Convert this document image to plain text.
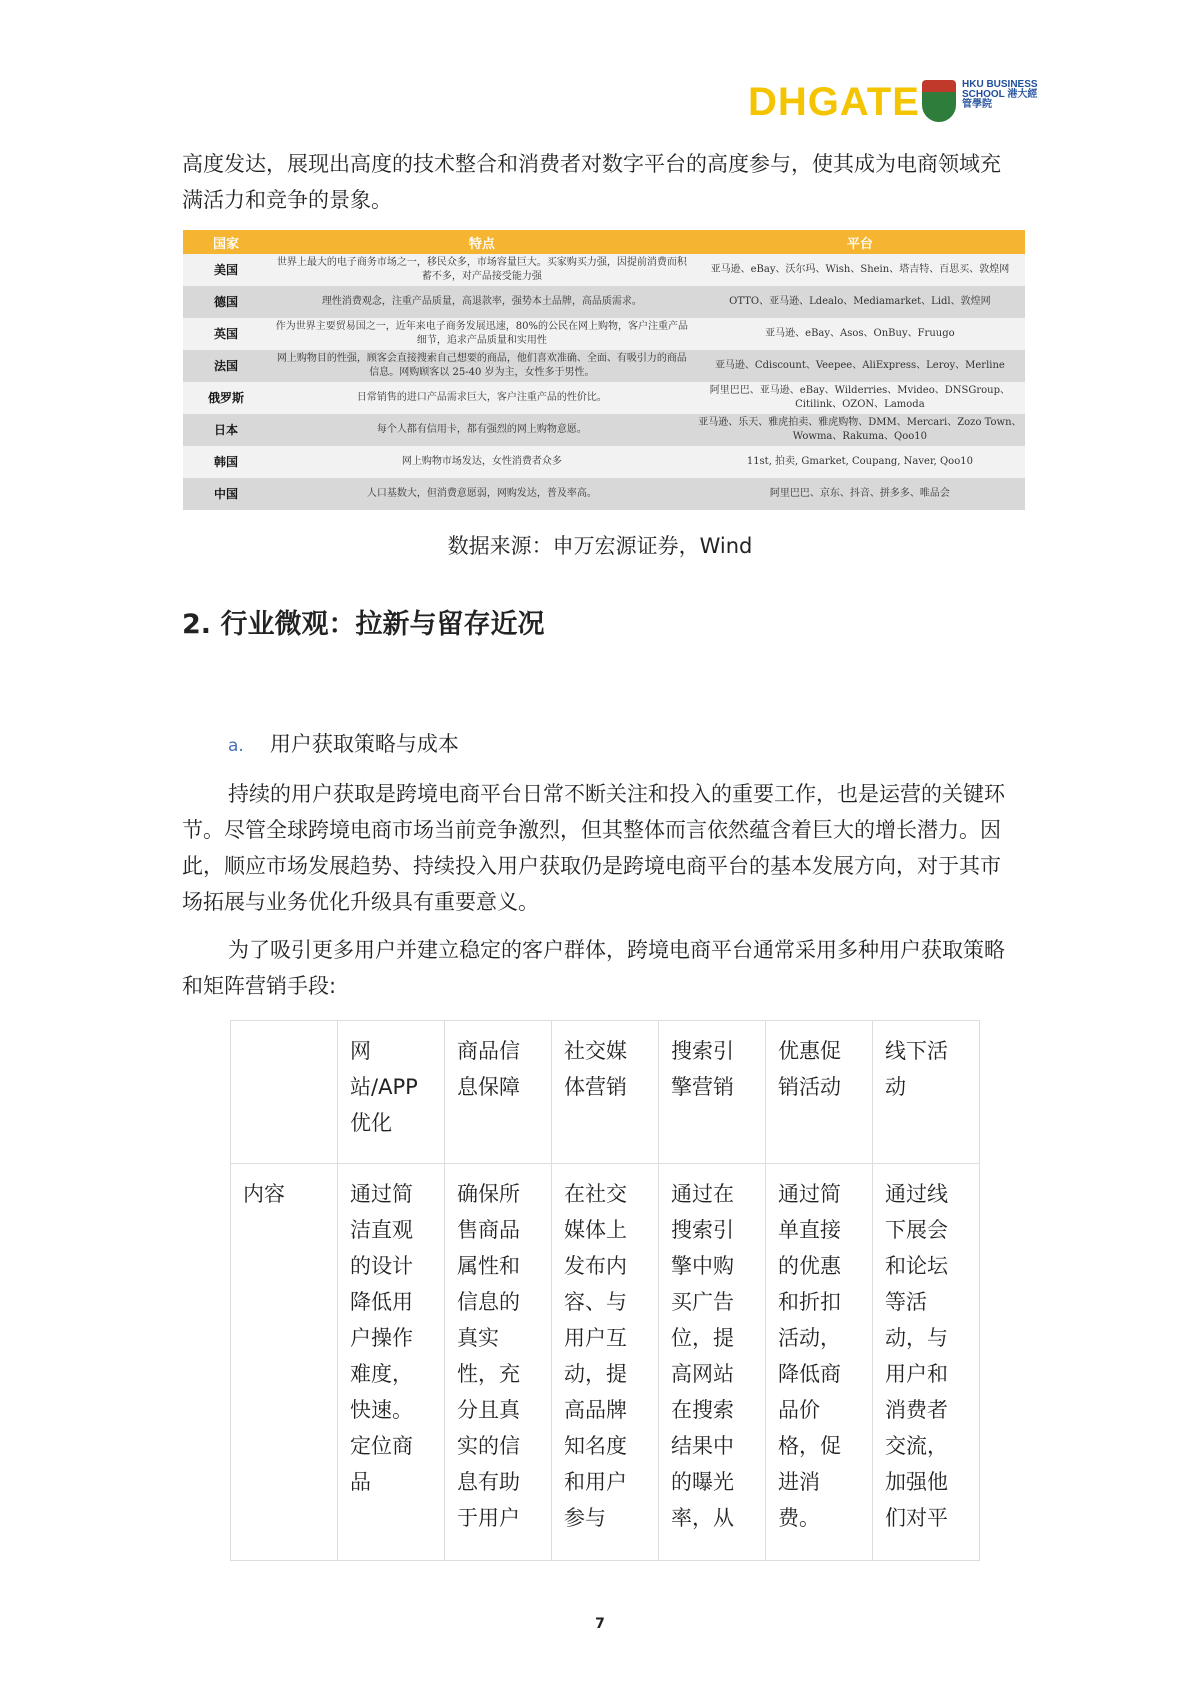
DHGATE	HKU BUSINESS SCHOOL 港大經管學院
高度发达，展现出高度的技术整合和消费者对数字平台的高度参与，使其成为电商领域充满活力和竞争的景象。
国家	特点	平台
美国	世界上最大的电子商务市场之一，移民众多，市场容量巨大。买家购买力强，因提前消费而积蓄不多，对产品接受能力强	亚马逊、eBay、沃尔玛、Wish、Shein、塔吉特、百思买、敦煌网
德国	理性消费观念，注重产品质量，高退款率，强势本土品牌，高品质需求。	OTTO、亚马逊、Ldealo、Mediamarket、Lidl、敦煌网
英国	作为世界主要贸易国之一，近年来电子商务发展迅速，80%的公民在网上购物，客户注重产品细节，追求产品质量和实用性	亚马逊、eBay、Asos、OnBuy、Fruugo
法国	网上购物目的性强，顾客会直接搜索自己想要的商品，他们喜欢准确、全面、有吸引力的商品信息。网购顾客以 25-40 岁为主，女性多于男性。	亚马逊、Cdiscount、Veepee、AliExpress、Leroy、Merline
俄罗斯	日常销售的进口产品需求巨大，客户注重产品的性价比。	阿里巴巴、亚马逊、eBay、Wilderries、Mvideo、DNSGroup、Citilink、OZON、Lamoda
日本	每个人都有信用卡，都有强烈的网上购物意愿。	亚马逊、乐天、雅虎拍卖、雅虎购物、DMM、Mercari、Zozo Town、Wowma、Rakuma、Qoo10
韩国	网上购物市场发达，女性消费者众多	11st, 拍卖, Gmarket, Coupang, Naver, Qoo10
中国	人口基数大，但消费意愿弱，网购发达，普及率高。	阿里巴巴、京东、抖音、拼多多、唯品会
数据来源：申万宏源证券，Wind
2. 行业微观：拉新与留存近况
a. 用户获取策略与成本
持续的用户获取是跨境电商平台日常不断关注和投入的重要工作，也是运营的关键环节。尽管全球跨境电商市场当前竞争激烈，但其整体而言依然蕴含着巨大的增长潜力。因此，顺应市场发展趋势、持续投入用户获取仍是跨境电商平台的基本发展方向，对于其市场拓展与业务优化升级具有重要意义。
为了吸引更多用户并建立稳定的客户群体，跨境电商平台通常采用多种用户获取策略和矩阵营销手段:
	网站/APP优化	商品信息保障	社交媒体营销	搜索引擎营销	优惠促销活动	线下活动
内容	通过简洁直观的设计降低用户操作难度，快速。定位商品	确保所售商品属性和信息的真实性，充分且真实的信息有助于用户	在社交媒体上发布内容、与用户互动，提高品牌知名度和用户参与	通过在搜索引擎中购买广告位，提高网站在搜索结果中的曝光率，从	通过简单直接的优惠和折扣活动，降低商品价格，促进消费。	通过线下展会和论坛等活动，与用户和消费者交流，加强他们对平
7
